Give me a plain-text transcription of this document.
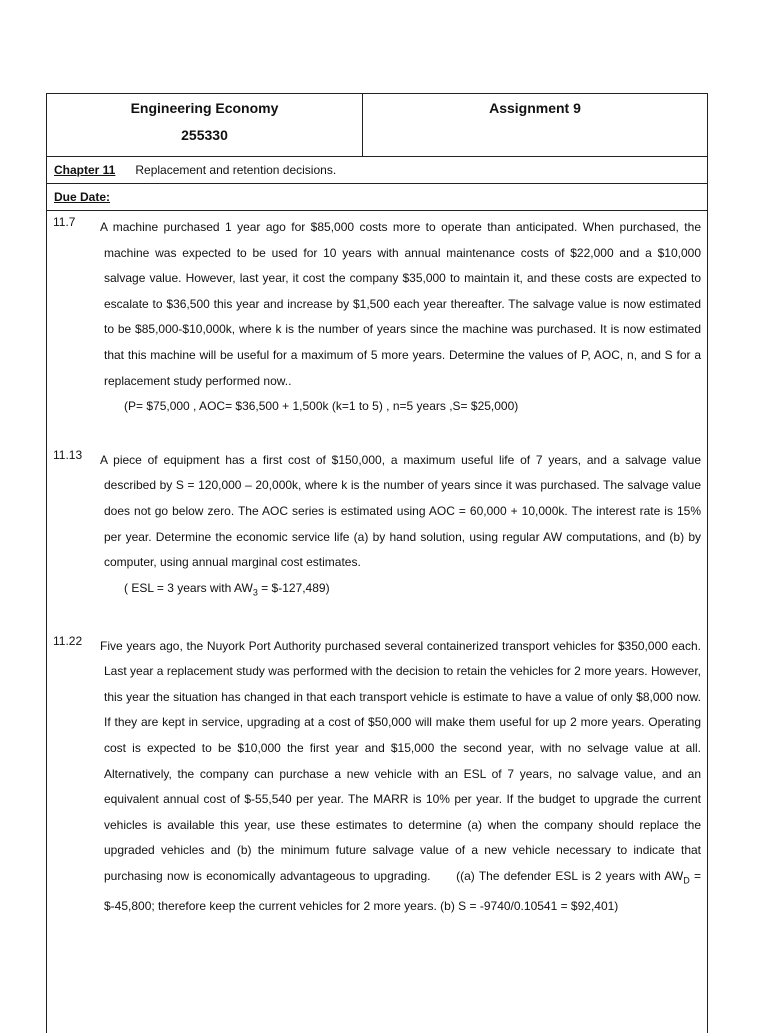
Engineering Economy
255330
Assignment 9
Chapter 11 Replacement and retention decisions.
Due Date:
11.7 A machine purchased 1 year ago for $85,000 costs more to operate than anticipated. When purchased, the machine was expected to be used for 10 years with annual maintenance costs of $22,000 and a $10,000 salvage value. However, last year, it cost the company $35,000 to maintain it, and these costs are expected to escalate to $36,500 this year and increase by $1,500 each year thereafter. The salvage value is now estimated to be $85,000-$10,000k, where k is the number of years since the machine was purchased. It is now estimated that this machine will be useful for a maximum of 5 more years. Determine the values of P, AOC, n, and S for a replacement study performed now..
(P= $75,000 , AOC= $36,500 + 1,500k (k=1 to 5) , n=5 years ,S= $25,000)
11.13 A piece of equipment has a first cost of $150,000, a maximum useful life of 7 years, and a salvage value described by S = 120,000 – 20,000k, where k is the number of years since it was purchased. The salvage value does not go below zero. The AOC series is estimated using AOC = 60,000 + 10,000k. The interest rate is 15% per year. Determine the economic service life (a) by hand solution, using regular AW computations, and (b) by computer, using annual marginal cost estimates.
( ESL = 3 years with $AW_3$ = $-127,489)
11.22 Five years ago, the Nuyork Port Authority purchased several containerized transport vehicles for $350,000 each. Last year a replacement study was performed with the decision to retain the vehicles for 2 more years. However, this year the situation has changed in that each transport vehicle is estimate to have a value of only $8,000 now. If they are kept in service, upgrading at a cost of $50,000 will make them useful for up 2 more years. Operating cost is expected to be $10,000 the first year and $15,000 the second year, with no selvage value at all. Alternatively, the company can purchase a new vehicle with an ESL of 7 years, no salvage value, and an equivalent annual cost of $-55,540 per year. The MARR is 10% per year. If the budget to upgrade the current vehicles is available this year, use these estimates to determine (a) when the company should replace the upgraded vehicles and (b) the minimum future salvage value of a new vehicle necessary to indicate that purchasing now is economically advantageous to upgrading. ((a) The defender ESL is 2 years with $AW_D$ = $-45,800; therefore keep the current vehicles for 2 more years. (b) S = -9740/0.10541 = $92,401)
